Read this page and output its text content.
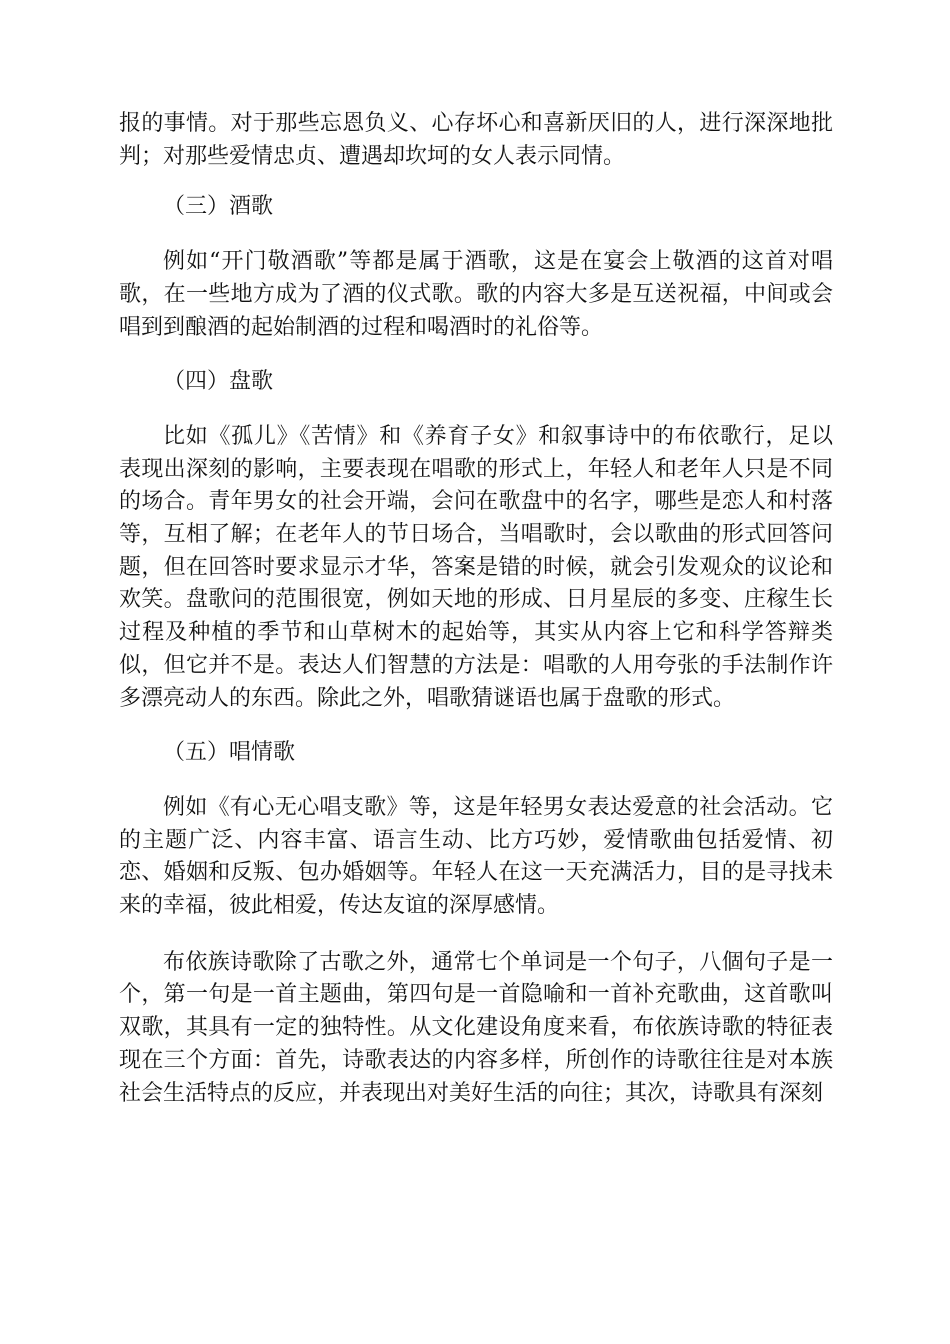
报的事情。对于那些忘恩负义、心存坏心和喜新厌旧的人，进行深深地批判；对那些爱情忠贞、遭遇却坎坷的女人表示同情。

（三）酒歌

例如“开门敬酒歌”等都是属于酒歌，这是在宴会上敬酒的这首对唱歌，在一些地方成为了酒的仪式歌。歌的内容大多是互送祝福，中间或会唱到到酿酒的起始制酒的过程和喝酒时的礼俗等。

（四）盘歌

比如《孤儿》《苦情》和《养育子女》和叙事诗中的布依歌行，足以表现出深刻的影响，主要表现在唱歌的形式上，年轻人和老年人只是不同的场合。青年男女的社会开端，会问在歌盘中的名字，哪些是恋人和村落等，互相了解；在老年人的节日场合，当唱歌时，会以歌曲的形式回答问题，但在回答时要求显示才华，答案是错的时候，就会引发观众的议论和欢笑。盘歌问的范围很宽，例如天地的形成、日月星辰的多变、庄稼生长过程及种植的季节和山草树木的起始等，其实从内容上它和科学答辩类似，但它并不是。表达人们智慧的方法是：唱歌的人用夸张的手法制作许多漂亮动人的东西。除此之外，唱歌猜谜语也属于盘歌的形式。

（五）唱情歌

例如《有心无心唱支歌》等，这是年轻男女表达爱意的社会活动。它的主题广泛、内容丰富、语言生动、比方巧妙，爱情歌曲包括爱情、初恋、婚姻和反叛、包办婚姻等。年轻人在这一天充满活力，目的是寻找未来的幸福，彼此相爱，传达友谊的深厚感情。

布依族诗歌除了古歌之外，通常七个单词是一个句子，八個句子是一个，第一句是一首主题曲，第四句是一首隐喻和一首补充歌曲，这首歌叫双歌，其具有一定的独特性。从文化建设角度来看，布依族诗歌的特征表现在三个方面：首先，诗歌表达的内容多样，所创作的诗歌往往是对本族社会生活特点的反应，并表现出对美好生活的向往；其次，诗歌具有深刻
